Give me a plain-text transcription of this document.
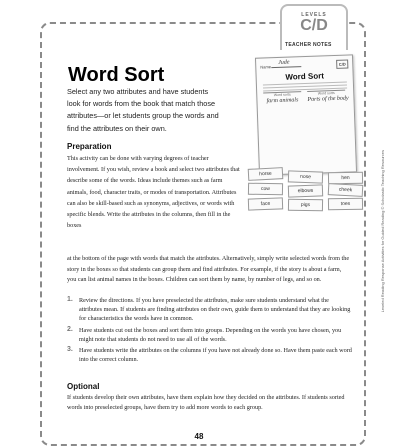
LEVELS
C/D
TEACHER NOTES
Word Sort
Select any two attributes and have students look for words from the book that match those attributes—or let students group the words and find the attributes on their own.
Name
Jude	C/D
Word Sort
Word sorts
farm animals
Word sorts
Parts of the body
horse	nose	hen
cow	elbows	cheek
face	pigs	toes	Leveled Reading Response Activities for Guided Reading © Scholastic Teaching Resources
Preparation
This activity can be done with varying degrees of teacher involvement. If you wish, review a book and select two attributes that describe some of the words. Ideas include themes such as farm animals, food, character traits, or modes of transportation. Attributes can also be skill-based such as synonyms, adjectives, or words with specific blends. Write the attributes in the columns, then fill in the boxes
at the bottom of the page with words that match the attributes. Alternatively, simply write selected words from the story in the boxes so that students can group them and find attributes. For example, if the story is about a farm, you can list animal names in the boxes. Children can sort them by name, by number of legs, and so on.
1. Review the directions. If you have preselected the attributes, make sure students understand what the attributes mean. If students are finding attributes on their own, guide them to understand that they are looking for characteristics the words have in common.
2. Have students cut out the boxes and sort them into groups. Depending on the words you have chosen, you might note that students do not need to use all of the words.
3. Have students write the attributes on the columns if you have not already done so. Have them paste each word into the correct column.
Optional
If students develop their own attributes, have them explain how they decided on the attributes. If students sorted words into preselected groups, have them try to add more words to each group.
48
